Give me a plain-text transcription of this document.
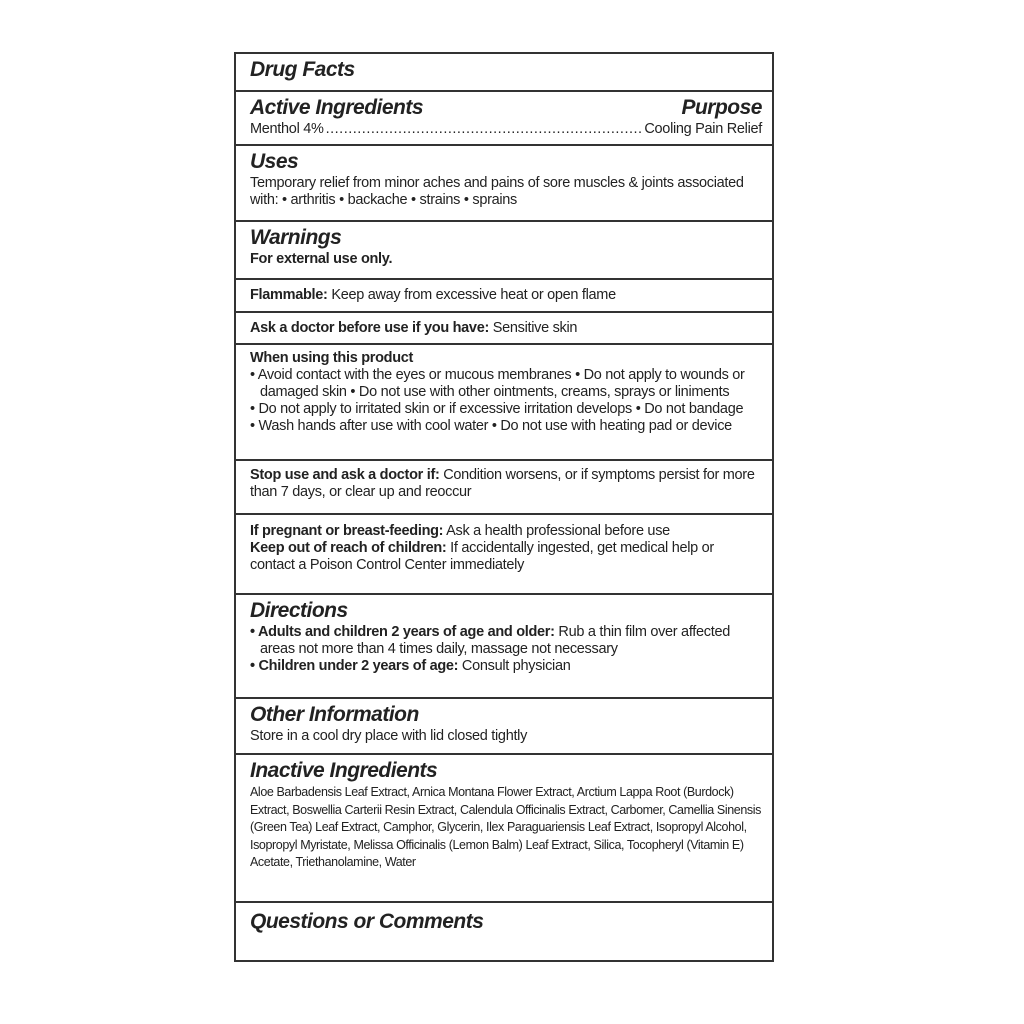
Drug Facts
Active Ingredients	Purpose
Menthol 4%
.....	Cooling Pain Relief
Uses
Temporary relief from minor aches and pains of sore muscles & joints associated with: • arthritis • backache • strains • sprains
Warnings
For external use only.
Flammable: Keep away from excessive heat or open flame
Ask a doctor before use if you have: Sensitive skin
When using this product
• Avoid contact with the eyes or mucous membranes • Do not apply to wounds or damaged skin • Do not use with other ointments, creams, sprays or liniments
• Do not apply to irritated skin or if excessive irritation develops • Do not bandage
• Wash hands after use with cool water • Do not use with heating pad or device
Stop use and ask a doctor if: Condition worsens, or if symptoms persist for more than 7 days, or clear up and reoccur
If pregnant or breast-feeding: Ask a health professional before use
Keep out of reach of children: If accidentally ingested, get medical help or contact a Poison Control Center immediately
Directions
• Adults and children 2 years of age and older: Rub a thin film over affected areas not more than 4 times daily, massage not necessary
• Children under 2 years of age: Consult physician
Other Information
Store in a cool dry place with lid closed tightly
Inactive Ingredients
Aloe Barbadensis Leaf Extract, Arnica Montana Flower Extract, Arctium Lappa Root (Burdock) Extract, Boswellia Carterii Resin Extract, Calendula Officinalis Extract, Carbomer, Camellia Sinensis (Green Tea) Leaf Extract, Camphor, Glycerin, Ilex Paraguariensis Leaf Extract, Isopropyl Alcohol, Isopropyl Myristate, Melissa Officinalis (Lemon Balm) Leaf Extract, Silica, Tocopheryl (Vitamin E) Acetate, Triethanolamine, Water
Questions or Comments
